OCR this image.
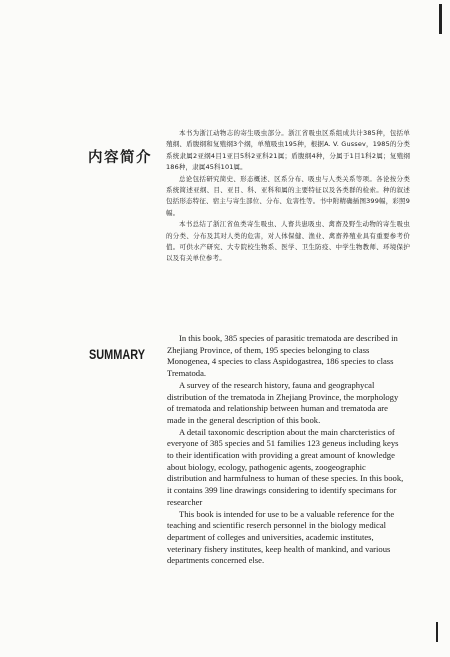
内容简介

本书为浙江动物志的寄生吸虫部分。浙江省吸虫区系组成共计385种，包括单殖纲、盾腹纲和复殖纲3个纲，单殖吸虫195种，根据A. V. Gussev，1985的分类系统隶属2亚纲4目1亚目5科2亚科21属；盾腹纲4种，分属于1目1科2属；复殖纲186种，隶属45科101属。

总论包括研究简史、形态概述、区系分布、吸虫与人类关系等项。各论按分类系统简述亚纲、目、亚目、科、亚科和属的主要特征以及各类群的检索。种的叙述包括形态特征、宿主与寄生部位、分布、危害性等。书中附精确插图399幅，彩照9幅。

本书总结了浙江省鱼类寄生吸虫、人畜共患吸虫、禽畜及野生动物的寄生吸虫的分类、分布及其对人类的危害，对人体保健、渔业、禽畜养殖业具有重要参考价值。可供水产研究、大专院校生物系、医学、卫生防疫、中学生物教师、环境保护以及有关单位参考。

SUMMARY

In this book, 385 species of parasitic trematoda are described in Zhejiang Province, of them, 195 species belonging to class Monogenea, 4 species to class Aspidogastrea, 186 species to class Trematoda.

A survey of the research history, fauna and geographycal distribution of the trematoda in Zhejiang Province, the morphology of trematoda and relationship between human and trematoda are made in the general description of this book.

A detail taxonomic description about the main charcteristics of everyone of 385 species and 51 families 123 geneus including keys to their identification with providing a great amount of knowledge about biology, ecology, pathogenic agents, zoogeographic distribution and harmfulness to human of these species. In this book, it contains 399 line drawings considering to identify specimans for researcher

This book is intended for use to be a valuable reference for the teaching and scientific reserch personnel in the biology medical department of colleges and universities, academic institutes, veterinary fishery institutes, keep health of mankind, and various departments concerned else.
